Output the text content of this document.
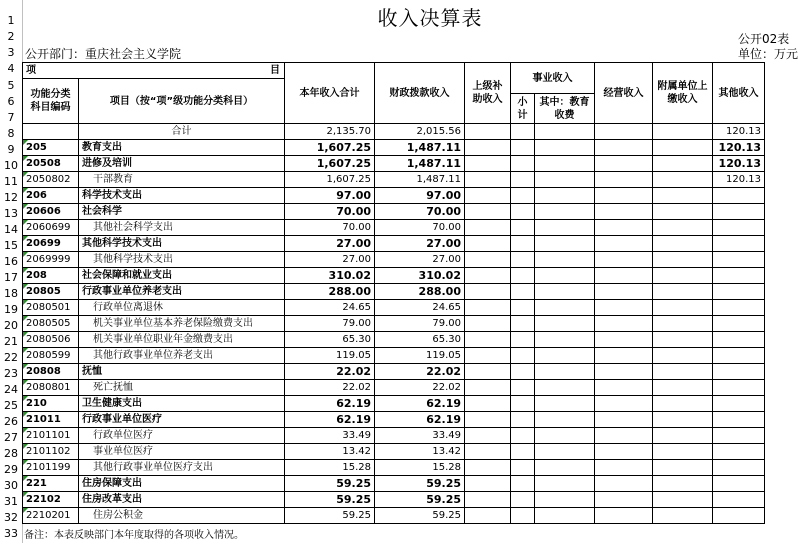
1
2
3
4
5
6
7
8
9
10
11
12
13
14
15
16
17
18
19
20
21
22
23
24
25
26
27
28
29
30
31
32
33
收入决算表
公开02表
公开部门：重庆社会主义学院	单位：万元
项 目		本年收入合计	财政拨款收入	上级补助收入	事业收入		经营收入	附属单位上缴收入	其他收入
功能分类科目编码	项目（按“项”级功能分类科目）								
					小计	其中：教育收费			

	合计	2,135.70	2,015.56						120.13
205	教育支出	1,607.25	1,487.11						120.13
20508	进修及培训	1,607.25	1,487.11						120.13
2050802	干部教育	1,607.25	1,487.11						120.13
206	科学技术支出	97.00	97.00						
20606	社会科学	70.00	70.00						
2060699	其他社会科学支出	70.00	70.00						
20699	其他科学技术支出	27.00	27.00						
2069999	其他科学技术支出	27.00	27.00						
208	社会保障和就业支出	310.02	310.02						
20805	行政事业单位养老支出	288.00	288.00						
2080501	行政单位离退休	24.65	24.65						
2080505	机关事业单位基本养老保险缴费支出	79.00	79.00						
2080506	机关事业单位职业年金缴费支出	65.30	65.30						
2080599	其他行政事业单位养老支出	119.05	119.05						
20808	抚恤	22.02	22.02						
2080801	死亡抚恤	22.02	22.02						
210	卫生健康支出	62.19	62.19						
21011	行政事业单位医疗	62.19	62.19						
2101101	行政单位医疗	33.49	33.49						
2101102	事业单位医疗	13.42	13.42						
2101199	其他行政事业单位医疗支出	15.28	15.28						
221	住房保障支出	59.25	59.25						
22102	住房改革支出	59.25	59.25						
2210201	住房公积金	59.25	59.25						
备注：本表反映部门本年度取得的各项收入情况。
